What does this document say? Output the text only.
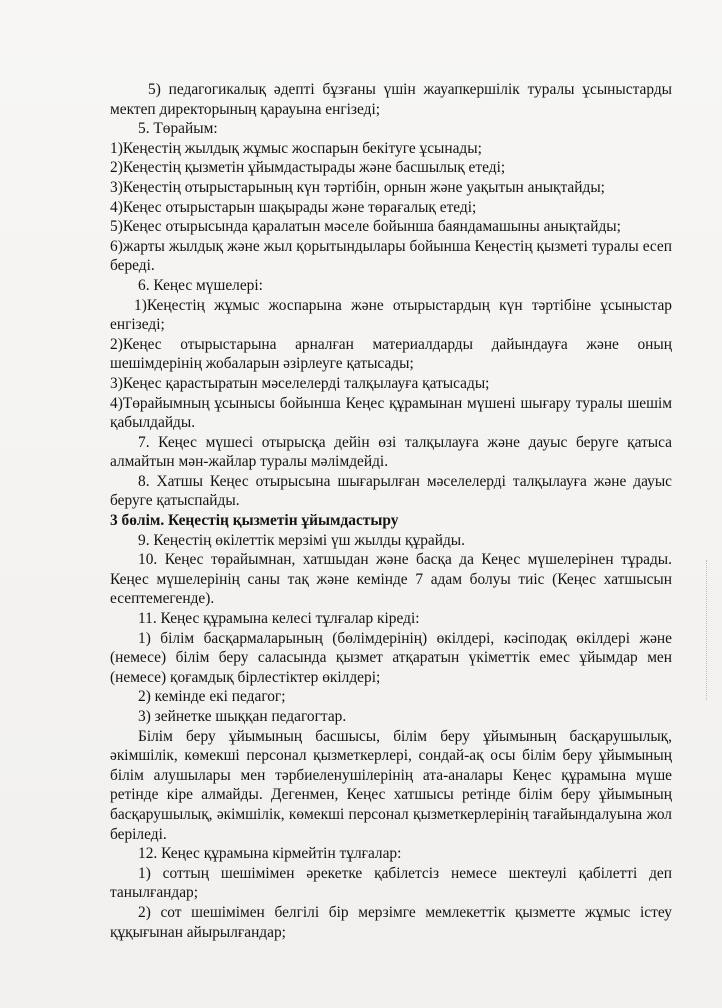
5) педагогикалық әдепті бұзғаны үшін жауапкершілік туралы ұсыныстарды мектеп директорының қарауына енгізеді;

5. Төрайым:

1)Кеңестің жылдық жұмыс жоспарын бекітуге ұсынады;

2)Кеңестің қызметін ұйымдастырады және басшылық етеді;

3)Кеңестің отырыстарының күн тәртібін, орнын және уақытын анықтайды;

4)Кеңес отырыстарын шақырады және төрағалық етеді;

5)Кеңес отырысында қаралатын мәселе бойынша баяндамашыны анықтайды;

6)жарты жылдық және жыл қорытындылары бойынша Кеңестің қызметі туралы есеп береді.

6. Кеңес мүшелері:

1)Кеңестің жұмыс жоспарына және отырыстардың күн тәртібіне ұсыныстар енгізеді;

2)Кеңес отырыстарына арналған материалдарды дайындауға және оның шешімдерінің жобаларын әзірлеуге қатысады;

3)Кеңес қарастыратын мәселелерді талқылауға қатысады;

4)Төрайымның ұсынысы бойынша Кеңес құрамынан мүшені шығару туралы шешім қабылдайды.

7. Кеңес мүшесі отырысқа дейін өзі талқылауға және дауыс беруге қатыса алмайтын мән-жайлар туралы мәлімдейді.

8. Хатшы Кеңес отырысына шығарылған мәселелерді талқылауға және дауыс беруге қатыспайды.

3 бөлім. Кеңестің қызметін ұйымдастыру

9. Кеңестің өкілеттік мерзімі үш жылды құрайды.

10. Кеңес төрайымнан, хатшыдан және басқа да Кеңес мүшелерінен тұрады. Кеңес мүшелерінің саны тақ және кемінде 7 адам болуы тиіс (Кеңес хатшысын есептемегенде).

11. Кеңес құрамына келесі тұлғалар кіреді:

1) білім басқармаларының (бөлімдерінің) өкілдері, кәсіподақ өкілдері және (немесе) білім беру саласында қызмет атқаратын үкіметтік емес ұйымдар мен (немесе) қоғамдық бірлестіктер өкілдері;

2) кемінде екі педагог;

3) зейнетке шыққан педагогтар.

Білім беру ұйымының басшысы, білім беру ұйымының басқарушылық, әкімшілік, көмекші персонал қызметкерлері, сондай-ақ осы білім беру ұйымының білім алушылары мен тәрбиеленушілерінің ата-аналары Кеңес құрамына мүше ретінде кіре алмайды. Дегенмен, Кеңес хатшысы ретінде білім беру ұйымының басқарушылық, әкімшілік, көмекші персонал қызметкерлерінің тағайындалуына жол беріледі.

12. Кеңес құрамына кірмейтін тұлғалар:

1) соттың шешімімен әрекетке қабілетсіз немесе шектеулі қабілетті деп танылғандар;

2) сот шешімімен белгілі бір мерзімге мемлекеттік қызметте жұмыс істеу құқығынан айырылғандар;
